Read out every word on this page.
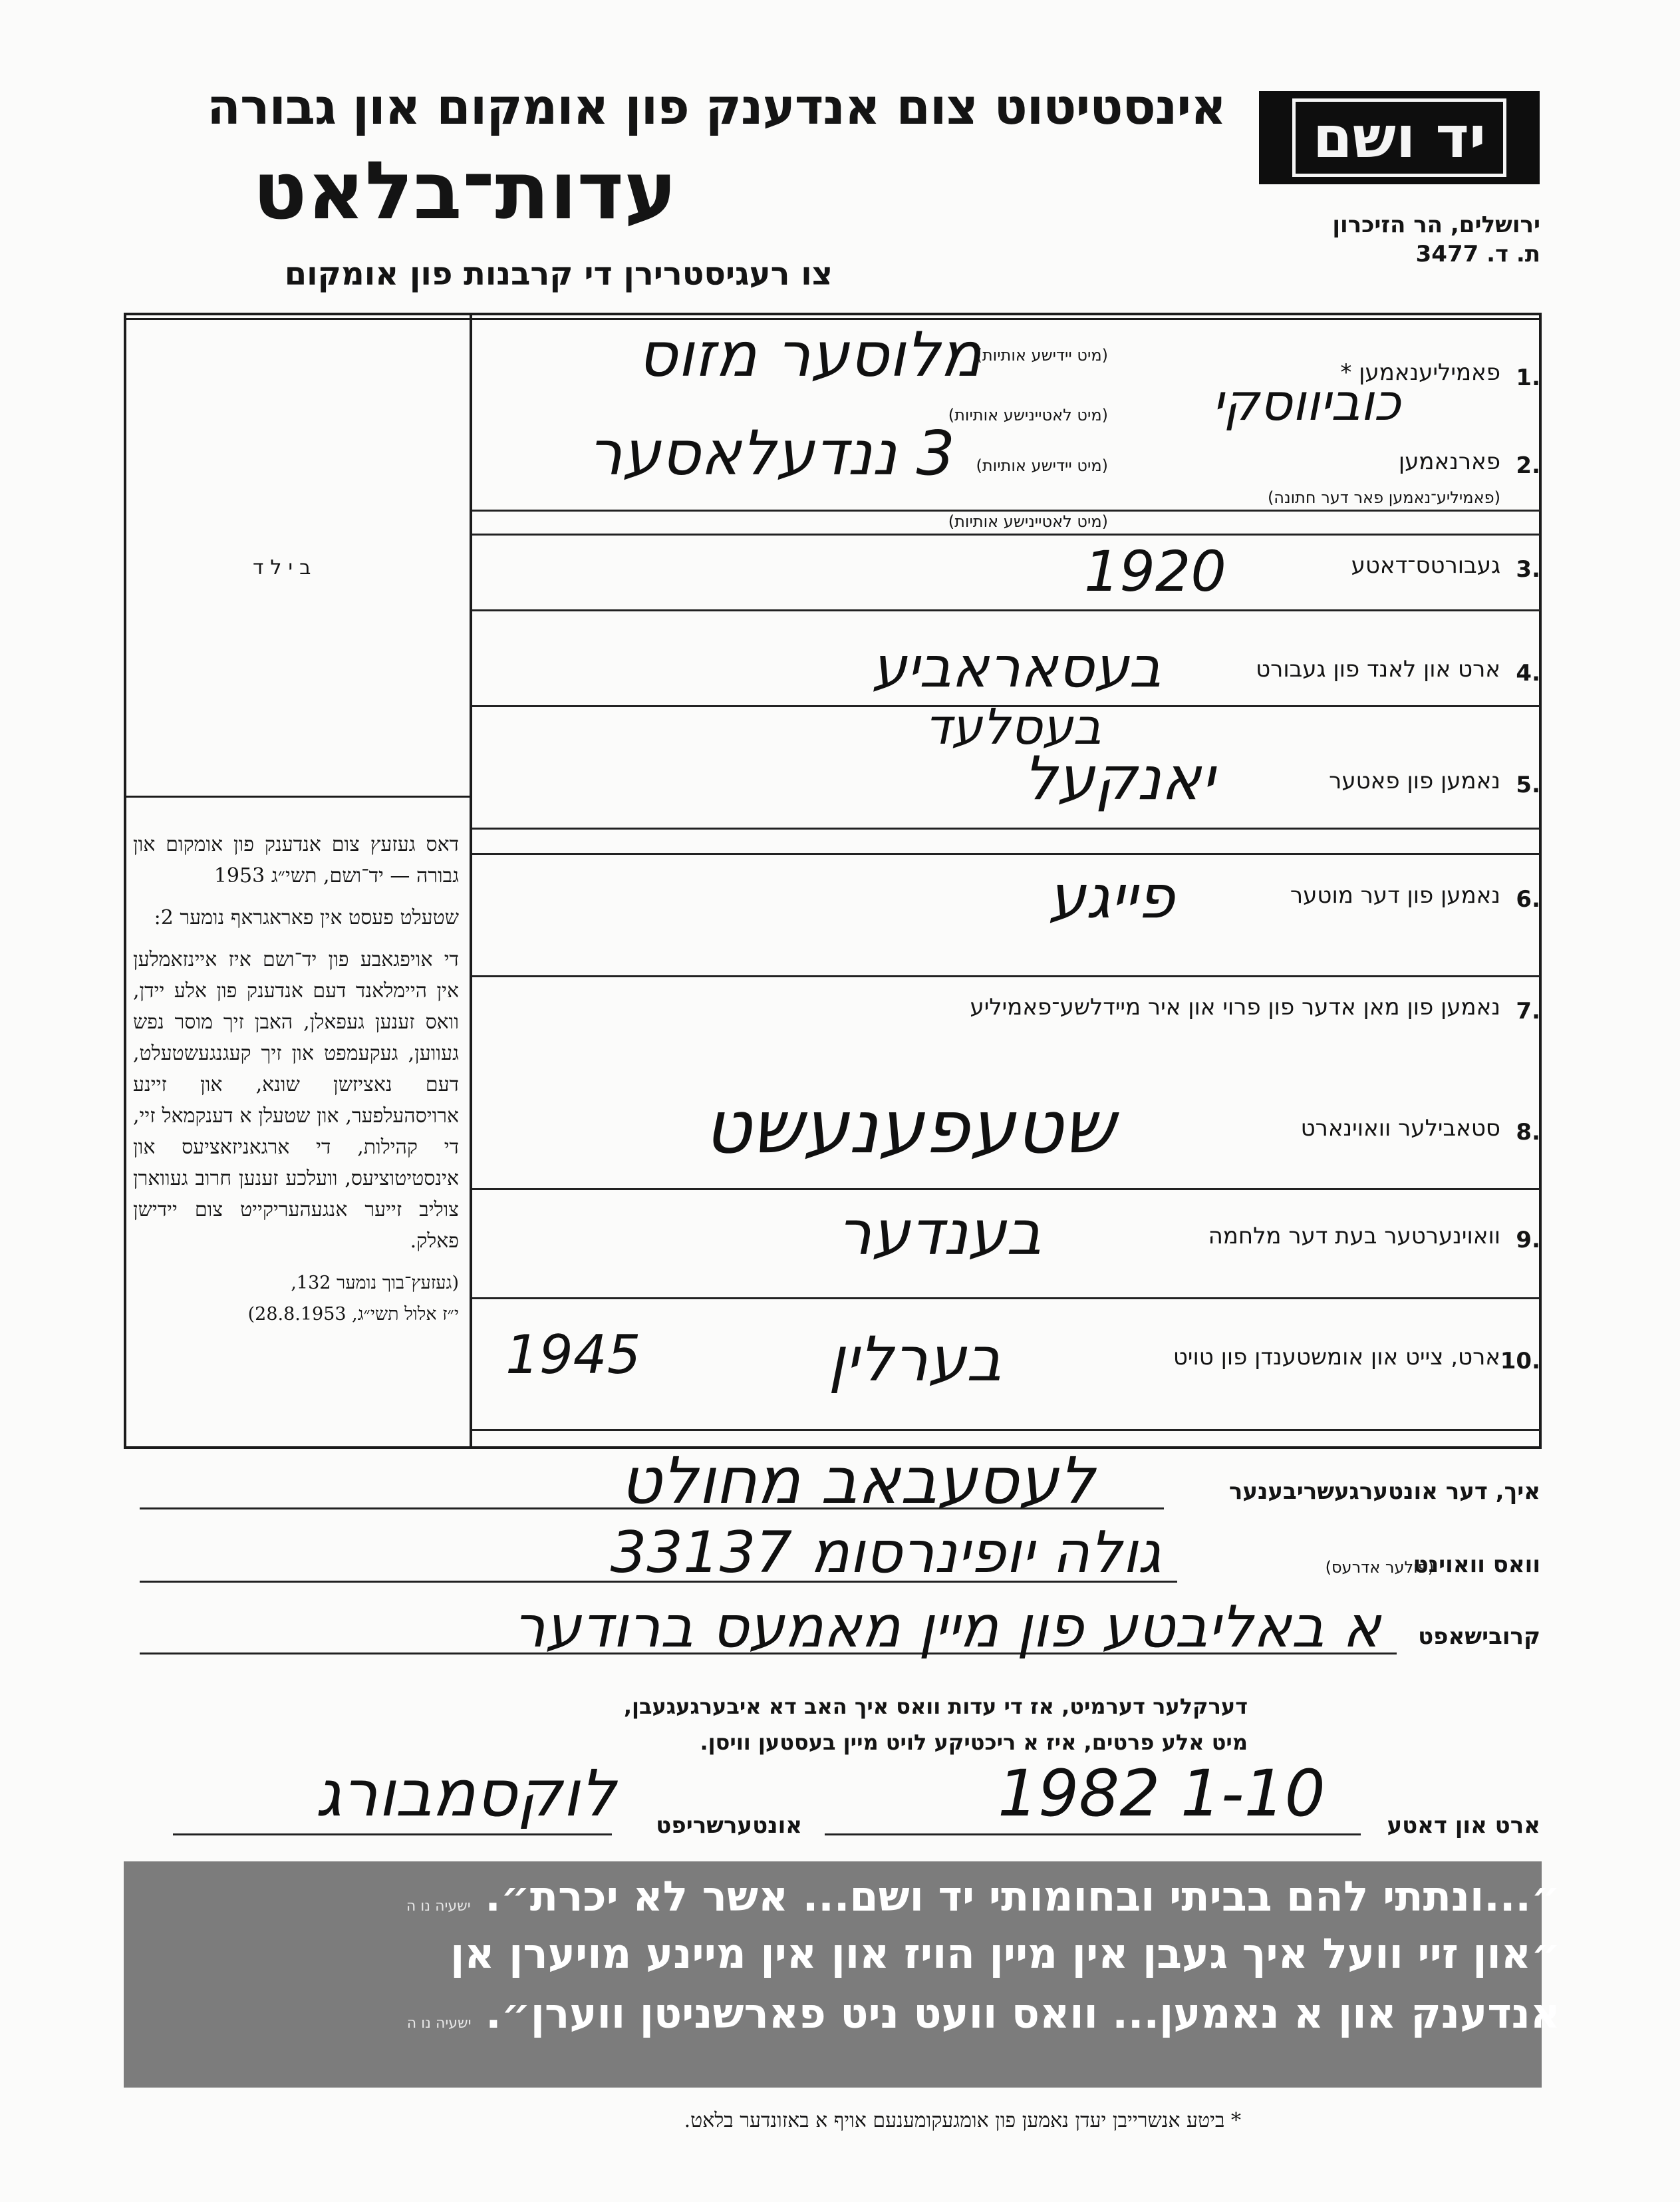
יד ושם
אינסטיטוט צום אנדענק פון אומקום און גבורה
עדות־בלאט	ירושלים, הר הזיכרון
ת. ד. 3477
צו רעגיסטרירן די קרבנות פון אומקום
בילד
1.
פאמיליענאמען *
(מיט יידישע אותיות)
(מיט לאטיינישע אותיות)
מלוסער מזוס
כוביווסקי
2.
פארנאמען
(פאמיליע־נאמען פאר דער חתונה)
(מיט יידישע אותיות)
(מיט לאטיינישע אותיות)
3 ננדעלאסער
3.
געבורטס־דאטע
1920
4.
ארט און לאנד פון געבורט
בעסאראביע
בעסלעד
5.
נאמען פון פאטער
יאנקעל
6.
נאמען פון דער מוטער
פייגע
7.
נאמען פון מאן אדער פון פרוי און איר מיידלשע־פאמיליע
8.
סטאבילער וואוינארט
שטעפענעשט
9.
וואוינערטער בעת דער מלחמה
בענדער
10.
ארט, צייט און אומשטענדן פון טויט
בערלין
1945

דאס געזעץ צום אנדענק פון אומקום און גבורה — יד־ושם, תשי״ג 1953

שטעלט פעסט אין פאראגראף נומער 2:

די אויפגאבע פון יד־ושם איז איינזאמלען אין היימלאנד דעם אנדענק פון אלע יידן, וואס זענען געפאלן, האבן זיך מוסר נפש געווען, געקעמפט און זיך קעגנגעשטעלט, דעם נאציזשן שונא, און זיינע ארויסהעלפער, און שטעלן א דענקמאל זיי, די קהילות, די ארגאניזאציעס און אינסטיטוציעס, וועלכע זענען חרוב געווארן צוליב זייער אנגעהעריקייט צום יידישן פאלק.

(געזעץ־בוך נומער 132,
י״ז אלול תשי״ג, 28.8.1953)
איך, דער אונטערגעשריבענער
לעסעבאב מחולט
וואס וואוינט
(פולער אדרעס)
גולה יופינרסומ 33137
קרובישאפט
א באליבטע פון מיין מאמעס ברודער
דערקלער דערמיט, אז די עדות וואס איך האב דא איבערגעגעבן,
מיט אלע פרטים, איז א ריכטיקע לויט מיין בעסטען וויסן.
ארט און דאטע
1982 1-10
אונטערשריפט
לוקסמבורג
״...ונתתי להם בביתי ובחומותי יד ושם... אשר לא יכרת״. ישעיה נו ה
״און זיי וועל איך געבן אין מיין הויז און אין מיינע מויערן אן
אנדענק און א נאמען... וואס וועט ניט פארשניטן ווערן״. ישעיה נו ה
* ביטע אנשרייבן יעדן נאמען פון אומגעקומענעם אויף א באזונדער בלאט.
